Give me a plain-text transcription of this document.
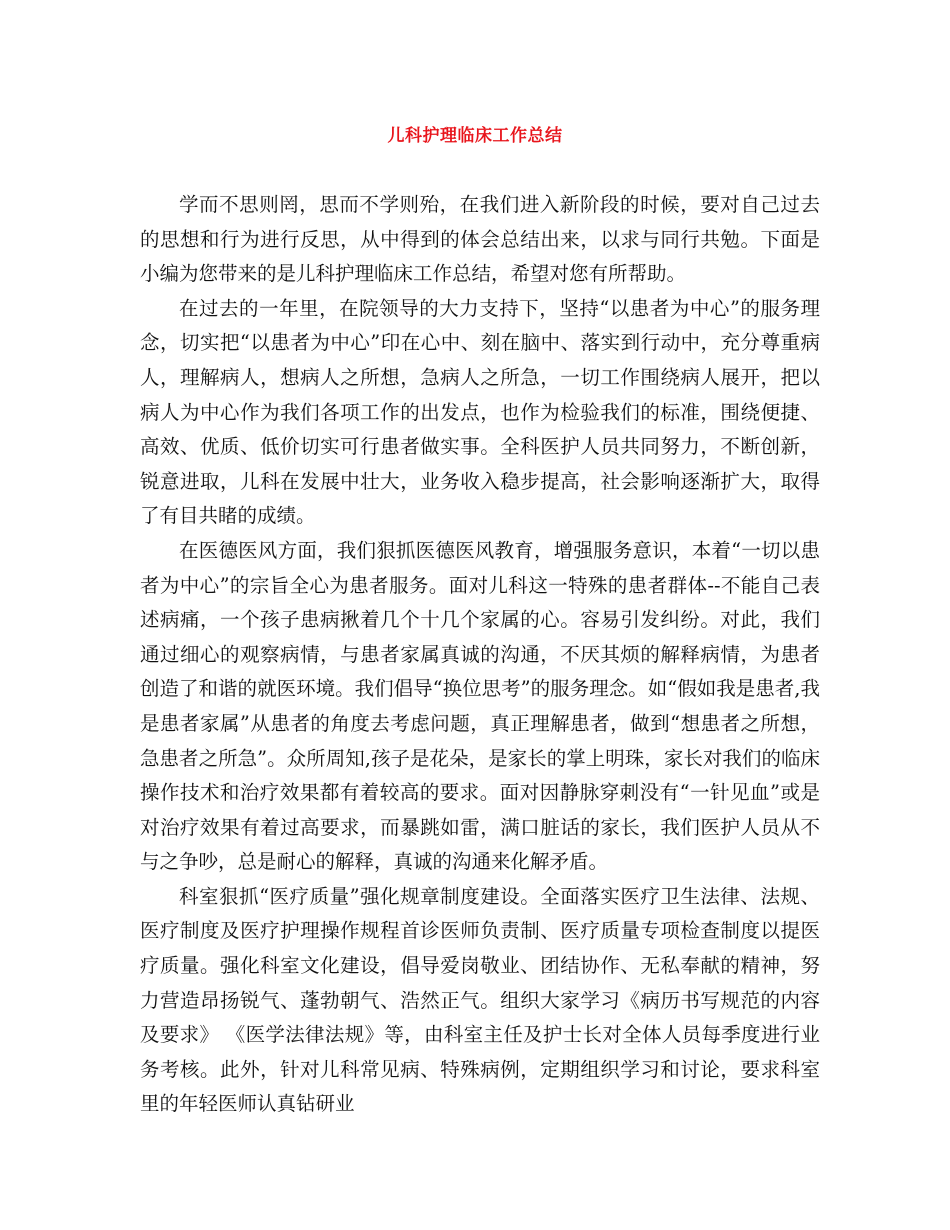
儿科护理临床工作总结

学而不思则罔，思而不学则殆，在我们进入新阶段的时候，要对自己过去的思想和行为进行反思，从中得到的体会总结出来，以求与同行共勉。下面是小编为您带来的是儿科护理临床工作总结，希望对您有所帮助。

在过去的一年里，在院领导的大力支持下，坚持“以患者为中心”的服务理念，切实把“以患者为中心”印在心中、刻在脑中、落实到行动中，充分尊重病人，理解病人，想病人之所想，急病人之所急，一切工作围绕病人展开，把以病人为中心作为我们各项工作的出发点，也作为检验我们的标准，围绕便捷、高效、优质、低价切实可行患者做实事。全科医护人员共同努力，不断创新，锐意进取，儿科在发展中壮大，业务收入稳步提高，社会影响逐渐扩大，取得了有目共睹的成绩。

在医德医风方面，我们狠抓医德医风教育，增强服务意识，本着“一切以患者为中心”的宗旨全心为患者服务。面对儿科这一特殊的患者群体--不能自己表述病痛，一个孩子患病揪着几个十几个家属的心。容易引发纠纷。对此，我们通过细心的观察病情，与患者家属真诚的沟通，不厌其烦的解释病情，为患者创造了和谐的就医环境。我们倡导“换位思考”的服务理念。如“假如我是患者,我是患者家属”从患者的角度去考虑问题，真正理解患者，做到“想患者之所想，急患者之所急”。众所周知,孩子是花朵，是家长的掌上明珠，家长对我们的临床操作技术和治疗效果都有着较高的要求。面对因静脉穿刺没有“一针见血”或是对治疗效果有着过高要求，而暴跳如雷，满口脏话的家长，我们医护人员从不与之争吵，总是耐心的解释，真诚的沟通来化解矛盾。

科室狠抓“医疗质量”强化规章制度建设。全面落实医疗卫生法律、法规、医疗制度及医疗护理操作规程首诊医师负责制、医疗质量专项检查制度以提医疗质量。强化科室文化建设，倡导爱岗敬业、团结协作、无私奉献的精神，努力营造昂扬锐气、蓬勃朝气、浩然正气。组织大家学习《病历书写规范的内容及要求》 《医学法律法规》等，由科室主任及护士长对全体人员每季度进行业务考核。此外，针对儿科常见病、特殊病例，定期组织学习和讨论，要求科室里的年轻医师认真钻研业
